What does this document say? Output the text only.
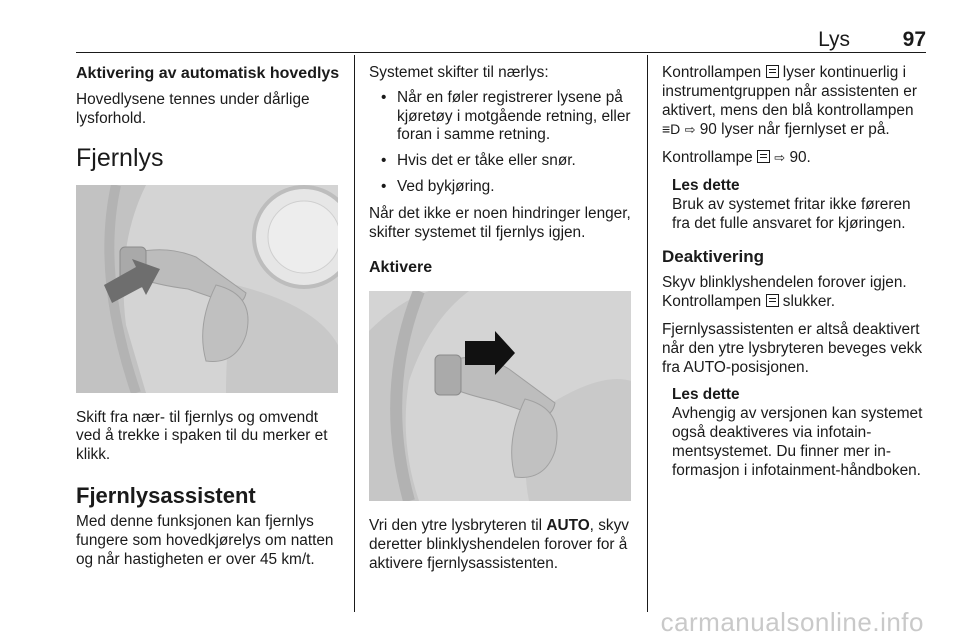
Lys	97
Aktivering av automatisk hovedlys

Hovedlysene tennes under dårlige lysforhold.

Fjernlys

Skift fra nær- til fjernlys og omvendt ved å trekke i spaken til du merker et klikk.

Fjernlysassistent

Med denne funksjonen kan fjernlys fungere som hovedkjørelys om natten og når hastigheten er over 45 km/t.

Systemet skifter til nærlys:

• Når en føler registrerer lysene på kjøretøy i motgående retning, eller foran i samme retning.
• Hvis det er tåke eller snør.
• Ved bykjøring.

Når det ikke er noen hindringer lenger, skifter systemet til fjernlys igjen.

Aktivere

Vri den ytre lysbryteren til AUTO, skyv deretter blinklyshendelen forover for å aktivere fjernlysassistenten.

Kontrollampen  lyser kontinuerlig i instrumentgruppen når assistenten er aktivert, mens den blå kontrollampen ≡D ⇨ 90 lyser når fjernlyset er på.

Kontrollampe  ⇨ 90.

Les dette
Bruk av systemet fritar ikke føreren fra det fulle ansvaret for kjøringen.
Deaktivering

Skyv blinklyshendelen forover igjen.
Kontrollampen  slukker.

Fjernlysassistenten er altså deaktivert når den ytre lysbryteren beveges vekk fra AUTO-posisjonen.

Les dette
Avhengig av versjonen kan systemet også deaktiveres via infotainmentsystemet. Du finner mer informasjon i infotainment-håndboken.
carmanualsonline.info
